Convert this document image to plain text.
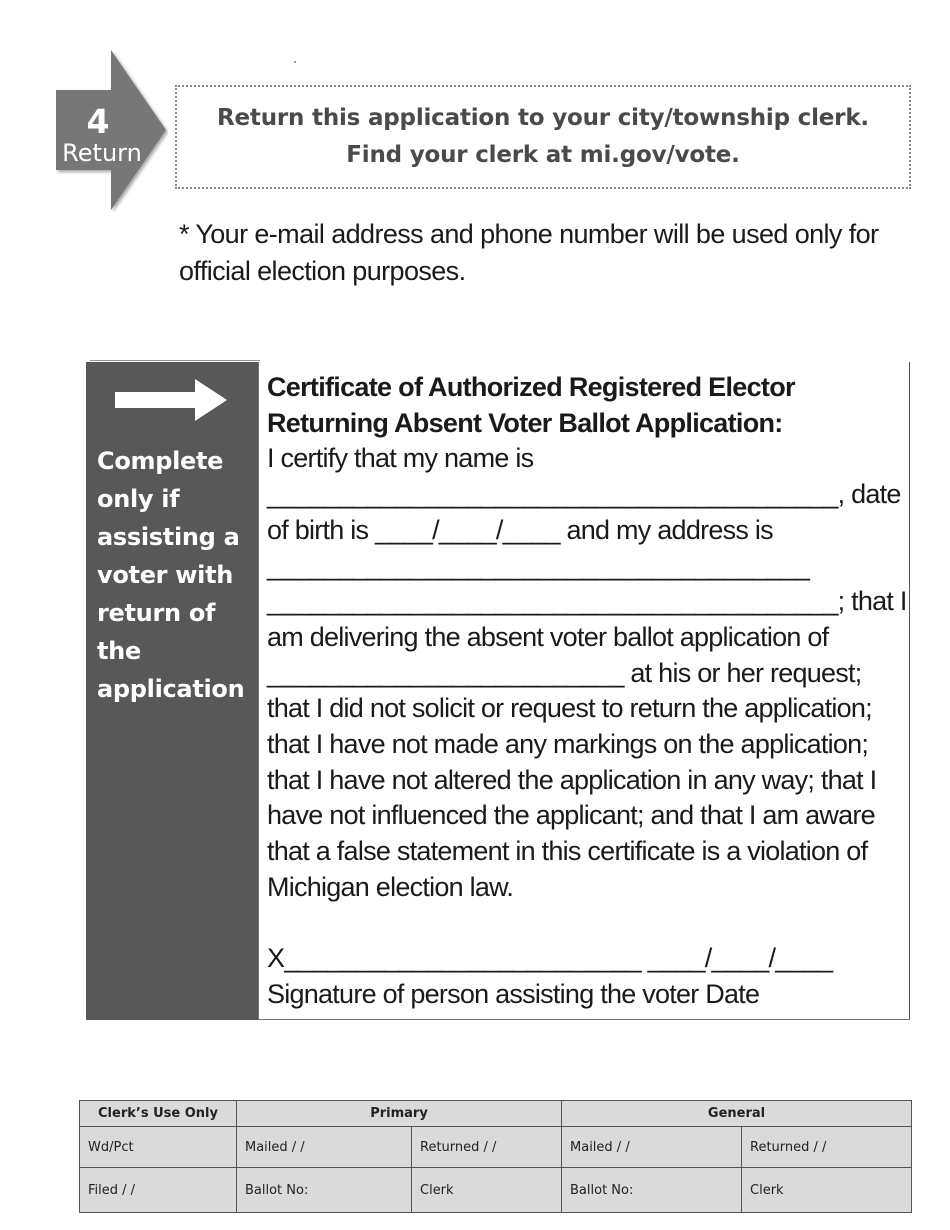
4
Return
Return this application to your city/township clerk.
Find your clerk at mi.gov/vote.
* Your e-mail address and phone number will be used only for
official election purposes.
Complete
only if
assisting a
voter with
return of
the
application
Certificate of Authorized Registered Elector
Returning Absent Voter Ballot Application:
I certify that my name is
________________________________________, date
of birth is ____/____/____ and my address is
______________________________________
________________________________________; that I
am delivering the absent voter ballot application of
_________________________ at his or her request;
that I did not solicit or request to return the application;
that I have not made any markings on the application;
that I have not altered the application in any way; that I
have not influenced the applicant; and that I am aware
that a false statement in this certificate is a violation of
Michigan election law.
X_________________________ ____/____/____
Signature of person assisting the voter Date
Clerk’s Use Only	Primary		General	
Wd/Pct	Mailed / /	Returned / /	Mailed / /	Returned / /
Filed / /	Ballot No:	Clerk	Ballot No:	Clerk
